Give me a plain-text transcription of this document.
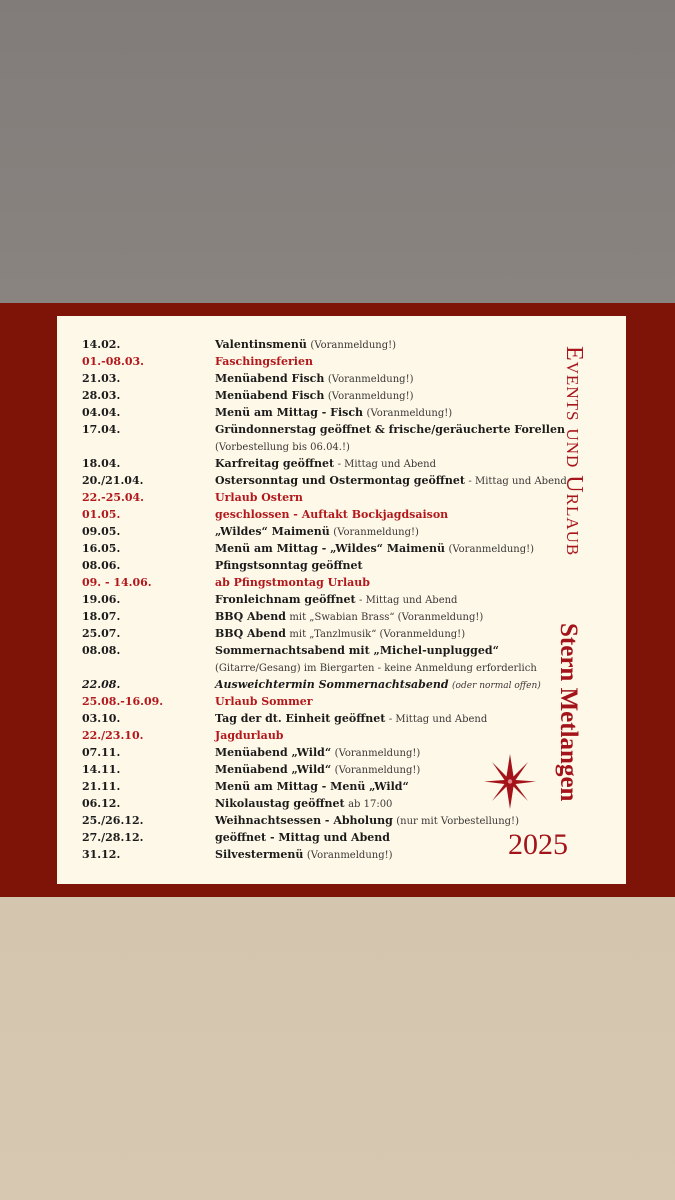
14.02.	Valentinsmenü (Voranmeldung!)
01.-08.03.	Faschingsferien
21.03.	Menüabend Fisch (Voranmeldung!)
28.03.	Menüabend Fisch (Voranmeldung!)
04.04.	Menü am Mittag - Fisch (Voranmeldung!)
17.04.	Gründonnerstag geöffnet & frische/geräucherte Forellen
(Vorbestellung bis 06.04.!)
18.04.	Karfreitag geöffnet - Mittag und Abend
20./21.04.	Ostersonntag und Ostermontag geöffnet - Mittag und Abend
22.-25.04.	Urlaub Ostern
01.05.	geschlossen - Auftakt Bockjagdsaison
09.05.	„Wildes“ Maimenü (Voranmeldung!)
16.05.	Menü am Mittag - „Wildes“ Maimenü (Voranmeldung!)
08.06.	Pfingstsonntag geöffnet
09. - 14.06.	ab Pfingstmontag Urlaub
19.06.	Fronleichnam geöffnet - Mittag und Abend
18.07.	BBQ Abend mit „Swabian Brass“ (Voranmeldung!)
25.07.	BBQ Abend mit „Tanzlmusik“ (Voranmeldung!)
08.08.	Sommernachtsabend mit „Michel-unplugged“
(Gitarre/Gesang) im Biergarten - keine Anmeldung erforderlich
22.08.	Ausweichtermin Sommernachtsabend (oder normal offen)
25.08.-16.09.	Urlaub Sommer
03.10.	Tag der dt. Einheit geöffnet - Mittag und Abend
22./23.10.	Jagdurlaub
07.11.	Menüabend „Wild“ (Voranmeldung!)
14.11.	Menüabend „Wild“ (Voranmeldung!)
21.11.	Menü am Mittag - Menü „Wild“
06.12.	Nikolaustag geöffnet ab 17:00
25./26.12.	Weihnachtsessen - Abholung (nur mit Vorbestellung!)
27./28.12.	geöffnet - Mittag und Abend
31.12.	Silvestermenü (Voranmeldung!)
Events und Urlaub
Stern Metlangen
2025
